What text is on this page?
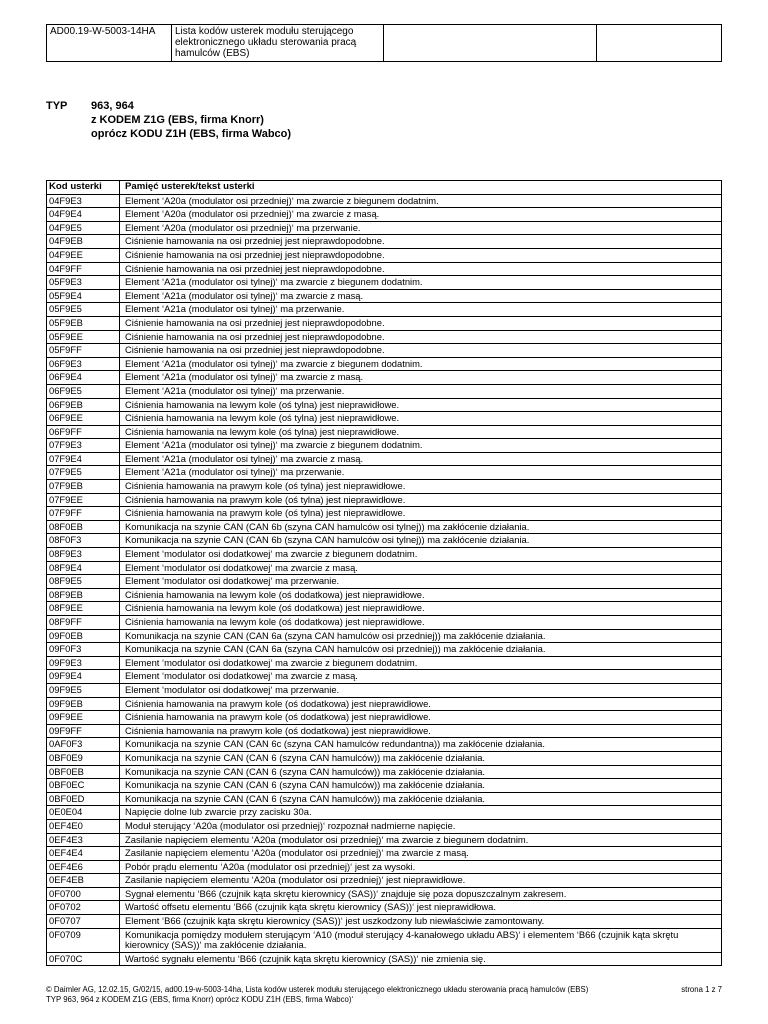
AD00.19-W-5003-14HA	Lista kodów usterek modułu sterującego elektronicznego układu sterowania pracą hamulców (EBS)		
TYP 963, 964
z KODEM Z1G (EBS, firma Knorr)
oprócz KODU Z1H (EBS, firma Wabco)
Kod usterki	Pamięć usterek/tekst usterki
04F9E3	Element ‘A20a (modulator osi przedniej)‘ ma zwarcie z biegunem dodatnim.
04F9E4	Element ‘A20a (modulator osi przedniej)‘ ma zwarcie z masą.
04F9E5	Element ‘A20a (modulator osi przedniej)‘ ma przerwanie.
04F9EB	Ciśnienie hamowania na osi przedniej jest nieprawdopodobne.
04F9EE	Ciśnienie hamowania na osi przedniej jest nieprawdopodobne.
04F9FF	Ciśnienie hamowania na osi przedniej jest nieprawdopodobne.
05F9E3	Element ‘A21a (modulator osi tylnej)‘ ma zwarcie z biegunem dodatnim.
05F9E4	Element ‘A21a (modulator osi tylnej)‘ ma zwarcie z masą.
05F9E5	Element ‘A21a (modulator osi tylnej)‘ ma przerwanie.
05F9EB	Ciśnienie hamowania na osi przedniej jest nieprawdopodobne.
05F9EE	Ciśnienie hamowania na osi przedniej jest nieprawdopodobne.
05F9FF	Ciśnienie hamowania na osi przedniej jest nieprawdopodobne.
06F9E3	Element ‘A21a (modulator osi tylnej)‘ ma zwarcie z biegunem dodatnim.
06F9E4	Element ‘A21a (modulator osi tylnej)‘ ma zwarcie z masą.
06F9E5	Element ‘A21a (modulator osi tylnej)‘ ma przerwanie.
06F9EB	Ciśnienia hamowania na lewym kole (oś tylna) jest nieprawidłowe.
06F9EE	Ciśnienia hamowania na lewym kole (oś tylna) jest nieprawidłowe.
06F9FF	Ciśnienia hamowania na lewym kole (oś tylna) jest nieprawidłowe.
07F9E3	Element ‘A21a (modulator osi tylnej)‘ ma zwarcie z biegunem dodatnim.
07F9E4	Element ‘A21a (modulator osi tylnej)‘ ma zwarcie z masą.
07F9E5	Element ‘A21a (modulator osi tylnej)‘ ma przerwanie.
07F9EB	Ciśnienia hamowania na prawym kole (oś tylna) jest nieprawidłowe.
07F9EE	Ciśnienia hamowania na prawym kole (oś tylna) jest nieprawidłowe.
07F9FF	Ciśnienia hamowania na prawym kole (oś tylna) jest nieprawidłowe.
08F0EB	Komunikacja na szynie CAN (CAN 6b (szyna CAN hamulców osi tylnej)) ma zakłócenie działania.
08F0F3	Komunikacja na szynie CAN (CAN 6b (szyna CAN hamulców osi tylnej)) ma zakłócenie działania.
08F9E3	Element ‘modulator osi dodatkowej‘ ma zwarcie z biegunem dodatnim.
08F9E4	Element ‘modulator osi dodatkowej‘ ma zwarcie z masą.
08F9E5	Element ‘modulator osi dodatkowej‘ ma przerwanie.
08F9EB	Ciśnienia hamowania na lewym kole (oś dodatkowa) jest nieprawidłowe.
08F9EE	Ciśnienia hamowania na lewym kole (oś dodatkowa) jest nieprawidłowe.
08F9FF	Ciśnienia hamowania na lewym kole (oś dodatkowa) jest nieprawidłowe.
09F0EB	Komunikacja na szynie CAN (CAN 6a (szyna CAN hamulców osi przedniej)) ma zakłócenie działania.
09F0F3	Komunikacja na szynie CAN (CAN 6a (szyna CAN hamulców osi przedniej)) ma zakłócenie działania.
09F9E3	Element ‘modulator osi dodatkowej‘ ma zwarcie z biegunem dodatnim.
09F9E4	Element ‘modulator osi dodatkowej‘ ma zwarcie z masą.
09F9E5	Element ‘modulator osi dodatkowej‘ ma przerwanie.
09F9EB	Ciśnienia hamowania na prawym kole (oś dodatkowa) jest nieprawidłowe.
09F9EE	Ciśnienia hamowania na prawym kole (oś dodatkowa) jest nieprawidłowe.
09F9FF	Ciśnienia hamowania na prawym kole (oś dodatkowa) jest nieprawidłowe.
0AF0F3	Komunikacja na szynie CAN (CAN 6c (szyna CAN hamulców redundantna)) ma zakłócenie działania.
0BF0E9	Komunikacja na szynie CAN (CAN 6 (szyna CAN hamulców)) ma zakłócenie działania.
0BF0EB	Komunikacja na szynie CAN (CAN 6 (szyna CAN hamulców)) ma zakłócenie działania.
0BF0EC	Komunikacja na szynie CAN (CAN 6 (szyna CAN hamulców)) ma zakłócenie działania.
0BF0ED	Komunikacja na szynie CAN (CAN 6 (szyna CAN hamulców)) ma zakłócenie działania.
0E0E04	Napięcie dolne lub zwarcie przy zacisku 30a.
0EF4E0	Moduł sterujący ‘A20a (modulator osi przedniej)‘ rozpoznał nadmierne napięcie.
0EF4E3	Zasilanie napięciem elementu ‘A20a (modulator osi przedniej)‘ ma zwarcie z biegunem dodatnim.
0EF4E4	Zasilanie napięciem elementu ‘A20a (modulator osi przedniej)‘ ma zwarcie z masą.
0EF4E6	Pobór prądu elementu ‘A20a (modulator osi przedniej)‘ jest za wysoki.
0EF4EB	Zasilanie napięciem elementu ‘A20a (modulator osi przedniej)‘ jest nieprawidłowe.
0F0700	Sygnał elementu ‘B66 (czujnik kąta skrętu kierownicy (SAS))‘ znajduje się poza dopuszczalnym zakresem.
0F0702	Wartość offsetu elementu ‘B66 (czujnik kąta skrętu kierownicy (SAS))‘ jest nieprawidłowa.
0F0707	Element ‘B66 (czujnik kąta skrętu kierownicy (SAS))‘ jest uszkodzony lub niewłaściwie zamontowany.
0F0709	Komunikacja pomiędzy modułem sterującym ‘A10 (moduł sterujący 4-kanałowego układu ABS)‘ i elementem ‘B66 (czujnik kąta skrętu kierownicy (SAS))‘ ma zakłócenie działania.
0F070C	Wartość sygnału elementu ‘B66 (czujnik kąta skrętu kierownicy (SAS))‘ nie zmienia się.
© Daimler AG, 12.02.15, G/02/15, ad00.19-w-5003-14ha, Lista kodów usterek modułu sterującego elektronicznego układu sterowania pracą hamulców (EBS)
TYP 963, 964 z KODEM Z1G (EBS, firma Knorr) oprócz KODU Z1H (EBS, firma Wabco)‘
strona 1 z 7
